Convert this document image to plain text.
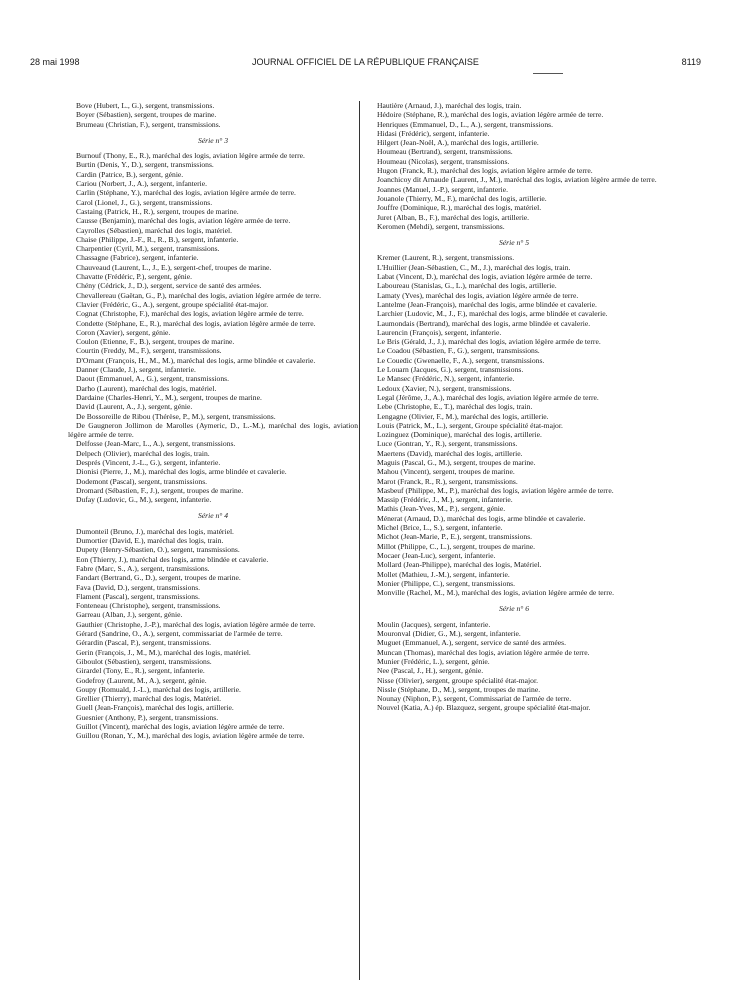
28 mai 1998	JOURNAL OFFICIEL DE LA RÉPUBLIQUE FRANÇAISE	8119
Bove (Hubert, L., G.), sergent, transmissions.
Boyer (Sébastien), sergent, troupes de marine.
Brumeau (Christian, F.), sergent, transmissions.
Série n° 3
Burnouf (Thony, E., R.), maréchal des logis, aviation légère armée de terre.
Burtin (Denis, Y., D.), sergent, transmissions.
Cardin (Patrice, B.), sergent, génie.
Cariou (Norbert, J., A.), sergent, infanterie.
Carlin (Stéphane, Y.), maréchal des logis, aviation légère armée de terre.
Carol (Lionel, J., G.), sergent, transmissions.
Castaing (Patrick, H., R.), sergent, troupes de marine.
Causse (Benjamin), maréchal des logis, aviation légère armée de terre.
Cayrolles (Sébastien), maréchal des logis, matériel.
Chaise (Philippe, J.-F., R., R., B.), sergent, infanterie.
Charpentier (Cyril, M.), sergent, transmissions.
Chassagne (Fabrice), sergent, infanterie.
Chauveaud (Laurent, L., J., E.), sergent-chef, troupes de marine.
Chavatte (Frédéric, P.), sergent, génie.
Chény (Cédrick, J., D.), sergent, service de santé des armées.
Chevallereau (Gaëtan, G., P.), maréchal des logis, aviation légère armée de terre.
Clavier (Frédéric, G., A.), sergent, groupe spécialité état-major.
Cognat (Christophe, F.), maréchal des logis, aviation légère armée de terre.
Condette (Stéphane, E., R.), maréchal des logis, aviation légère armée de terre.
Coron (Xavier), sergent, génie.
Coulon (Etienne, F., B.), sergent, troupes de marine.
Courtin (Freddy, M., F.), sergent, transmissions.
D'Ornant (François, H., M., M.), maréchal des logis, arme blindée et cavalerie.
Danner (Claude, J.), sergent, infanterie.
Daout (Emmanuel, A., G.), sergent, transmissions.
Darho (Laurent), maréchal des logis, matériel.
Dardaine (Charles-Henri, Y., M.), sergent, troupes de marine.
David (Laurent, A., J.), sergent, génie.
De Bossoreille de Ribou (Thérèse, P., M.), sergent, transmissions.
De Gaugneron Jollimon de Marolles (Aymeric, D., L.-M.), maréchal des logis, aviation légère armée de terre.
Delfosse (Jean-Marc, L., A.), sergent, transmissions.
Delpech (Olivier), maréchal des logis, train.
Després (Vincent, J.-L., G.), sergent, infanterie.
Dionisi (Pierre, J., M.), maréchal des logis, arme blindée et cavalerie.
Dodemont (Pascal), sergent, transmissions.
Dromard (Sébastien, F., J.), sergent, troupes de marine.
Dufay (Ludovic, G., M.), sergent, infanterie.
Série n° 4
Dumonteil (Bruno, J.), maréchal des logis, matériel.
Dumortier (David, E.), maréchal des logis, train.
Dupety (Henry-Sébastien, O.), sergent, transmissions.
Eon (Thierry, J.), maréchal des logis, arme blindée et cavalerie.
Fabre (Marc, S., A.), sergent, transmissions.
Fandart (Bertrand, G., D.), sergent, troupes de marine.
Fava (David, D.), sergent, transmissions.
Flament (Pascal), sergent, transmissions.
Fonteneau (Christophe), sergent, transmissions.
Garreau (Alban, J.), sergent, génie.
Gauthier (Christophe, J.-P.), maréchal des logis, aviation légère armée de terre.
Gérard (Sandrine, O., A.), sergent, commissariat de l'armée de terre.
Gérardin (Pascal, P.), sergent, transmissions.
Gerin (François, J., M., M.), maréchal des logis, matériel.
Giboulot (Sébastien), sergent, transmissions.
Girardel (Tony, E., R.), sergent, infanterie.
Godefroy (Laurent, M., A.), sergent, génie.
Goupy (Romuald, J.-L.), maréchal des logis, artillerie.
Grellier (Thierry), maréchal des logis, Matériel.
Guell (Jean-François), maréchal des logis, artillerie.
Guesnier (Anthony, P.), sergent, transmissions.
Guillot (Vincent), maréchal des logis, aviation légère armée de terre.
Guillou (Ronan, Y., M.), maréchal des logis, aviation légère armée de terre.
Hautière (Arnaud, J.), maréchal des logis, train.
Hédoire (Stéphane, R.), maréchal des logis, aviation légère armée de terre.
Henriques (Emmanuel, D., L., A.), sergent, transmissions.
Hidasi (Frédéric), sergent, infanterie.
Hilgert (Jean-Noël, A.), maréchal des logis, artillerie.
Houmeau (Bertrand), sergent, transmissions.
Houmeau (Nicolas), sergent, transmissions.
Hugon (Franck, R.), maréchal des logis, aviation légère armée de terre.
Joanchicoy dit Arnaude (Laurent, J., M.), maréchal des logis, aviation légère armée de terre.
Joannes (Manuel, J.-P.), sergent, infanterie.
Jouanole (Thierry, M., F.), maréchal des logis, artillerie.
Jouffre (Dominique, R.), maréchal des logis, matériel.
Juret (Alban, B., F.), maréchal des logis, artillerie.
Keromen (Mehdi), sergent, transmissions.
Série n° 5
Kremer (Laurent, R.), sergent, transmissions.
L'Huillier (Jean-Sébastien, C., M., J.), maréchal des logis, train.
Labat (Vincent, D.), maréchal des logis, aviation légère armée de terre.
Laboureau (Stanislas, G., L.), maréchal des logis, artillerie.
Lamaty (Yves), maréchal des logis, aviation légère armée de terre.
Lantelme (Jean-François), maréchal des logis, arme blindée et cavalerie.
Larchier (Ludovic, M., J., F.), maréchal des logis, arme blindée et cavalerie.
Laumondais (Bertrand), maréchal des logis, arme blindée et cavalerie.
Laurencin (François), sergent, infanterie.
Le Bris (Gérald, J., J.), maréchal des logis, aviation légère armée de terre.
Le Coadou (Sébastien, F., G.), sergent, transmissions.
Le Couedic (Gwenaelle, F., A.), sergent, transmissions.
Le Louarn (Jacques, G.), sergent, transmissions.
Le Mansec (Frédéric, N.), sergent, infanterie.
Ledoux (Xavier, N.), sergent, transmissions.
Legal (Jérôme, J., A.), maréchal des logis, aviation légère armée de terre.
Lebe (Christophe, E., T.), maréchal des logis, train.
Lengagne (Olivier, F., M.), maréchal des logis, artillerie.
Louis (Patrick, M., L.), sergent, Groupe spécialité état-major.
Lozinguez (Dominique), maréchal des logis, artillerie.
Luce (Gontran, Y., R.), sergent, transmissions.
Maertens (David), maréchal des logis, artillerie.
Maguis (Pascal, G., M.), sergent, troupes de marine.
Mahou (Vincent), sergent, troupes de marine.
Marot (Franck, R., R.), sergent, transmissions.
Masbeuf (Philippe, M., P.), maréchal des logis, aviation légère armée de terre.
Massip (Frédéric, J., M.), sergent, infanterie.
Mathis (Jean-Yves, M., P.), sergent, génie.
Ménerat (Arnaud, D.), maréchal des logis, arme blindée et cavalerie.
Michel (Brice, L., S.), sergent, infanterie.
Michot (Jean-Marie, P., E.), sergent, transmissions.
Millot (Philippe, C., L.), sergent, troupes de marine.
Mocaer (Jean-Luc), sergent, infanterie.
Mollard (Jean-Philippe), maréchal des logis, Matériel.
Mollet (Mathieu, J.-M.), sergent, infanterie.
Monier (Philippe, C.), sergent, transmissions.
Monville (Rachel, M., M.), maréchal des logis, aviation légère armée de terre.
Série n° 6
Moulin (Jacques), sergent, infanterie.
Mouronval (Didier, G., M.), sergent, infanterie.
Muguet (Emmanuel, A.), sergent, service de santé des armées.
Muncan (Thomas), maréchal des logis, aviation légère armée de terre.
Munier (Frédéric, L.), sergent, génie.
Nee (Pascal, J., H.), sergent, génie.
Nisse (Olivier), sergent, groupe spécialité état-major.
Nissle (Stéphane, D., M.), sergent, troupes de marine.
Nounay (Niphon, P.), sergent, Commissariat de l'armée de terre.
Nouvel (Katia, A.) ép. Blazquez, sergent, groupe spécialité état-major.
